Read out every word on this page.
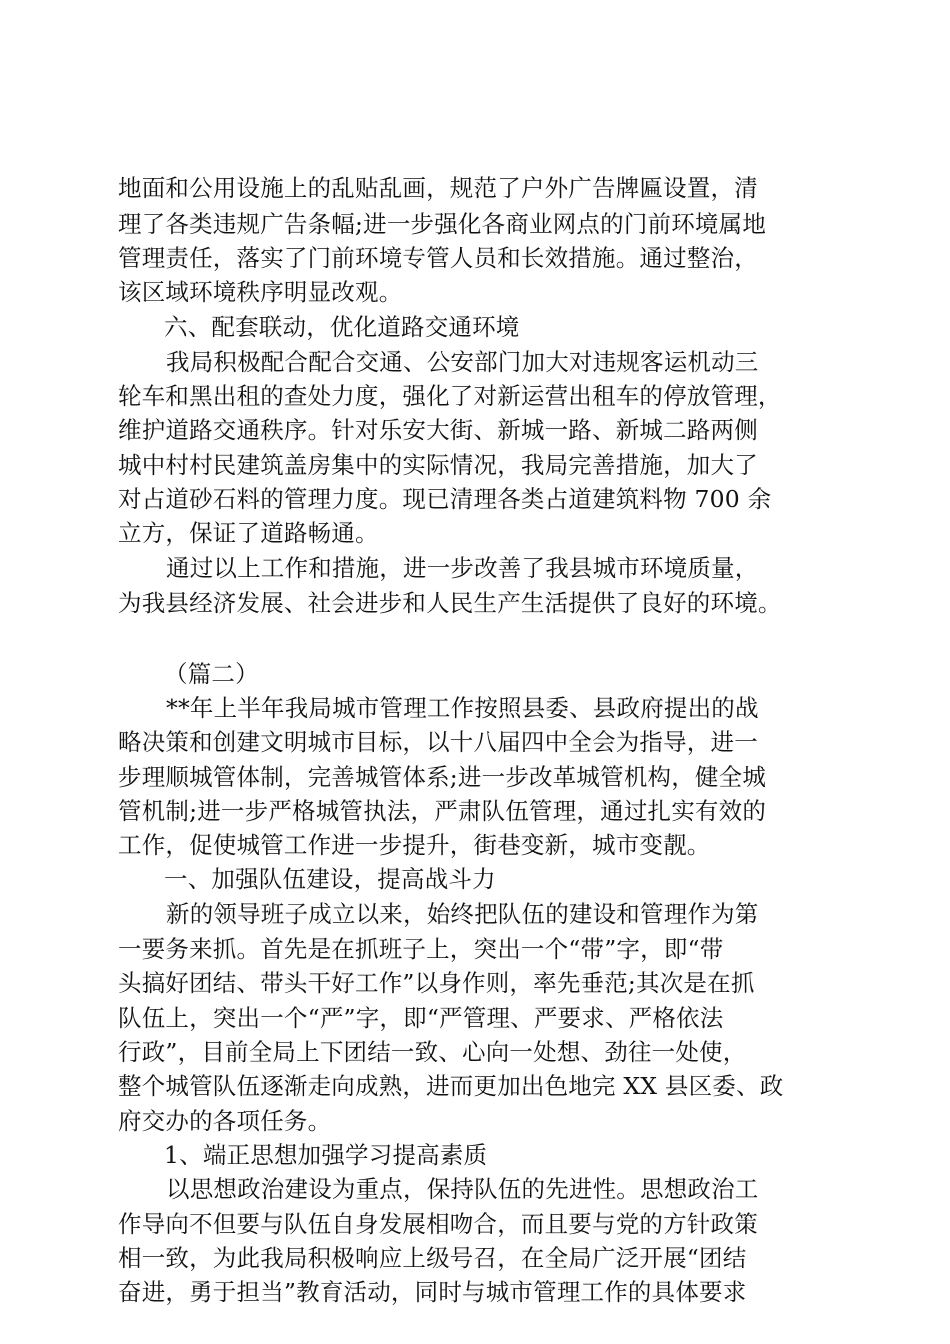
地面和公用设施上的乱贴乱画，规范了户外广告牌匾设置，清
理了各类违规广告条幅;进一步强化各商业网点的门前环境属地
管理责任，落实了门前环境专管人员和长效措施。通过整治，
该区域环境秩序明显改观。
六、配套联动，优化道路交通环境
我局积极配合配合交通、公安部门加大对违规客运机动三
轮车和黑出租的查处力度，强化了对新运营出租车的停放管理，
维护道路交通秩序。针对乐安大街、新城一路、新城二路两侧
城中村村民建筑盖房集中的实际情况，我局完善措施，加大了
对占道砂石料的管理力度。现已清理各类占道建筑料物 700 余
立方，保证了道路畅通。
通过以上工作和措施，进一步改善了我县城市环境质量，
为我县经济发展、社会进步和人民生产生活提供了良好的环境。
（篇二）
**年上半年我局城市管理工作按照县委、县政府提出的战
略决策和创建文明城市目标，以十八届四中全会为指导，进一
步理顺城管体制，完善城管体系;进一步改革城管机构，健全城
管机制;进一步严格城管执法，严肃队伍管理，通过扎实有效的
工作，促使城管工作进一步提升，街巷变新，城市变靓。
一、加强队伍建设，提高战斗力
新的领导班子成立以来，始终把队伍的建设和管理作为第
一要务来抓。首先是在抓班子上，突出一个“带”字，即“带
头搞好团结、带头干好工作”以身作则，率先垂范;其次是在抓
队伍上，突出一个“严”字，即“严管理、严要求、严格依法
行政”，目前全局上下团结一致、心向一处想、劲往一处使，
整个城管队伍逐渐走向成熟，进而更加出色地完 XX 县区委、政
府交办的各项任务。
1、端正思想加强学习提高素质
以思想政治建设为重点，保持队伍的先进性。思想政治工
作导向不但要与队伍自身发展相吻合，而且要与党的方针政策
相一致，为此我局积极响应上级号召，在全局广泛开展“团结
奋进，勇于担当”教育活动，同时与城市管理工作的具体要求
